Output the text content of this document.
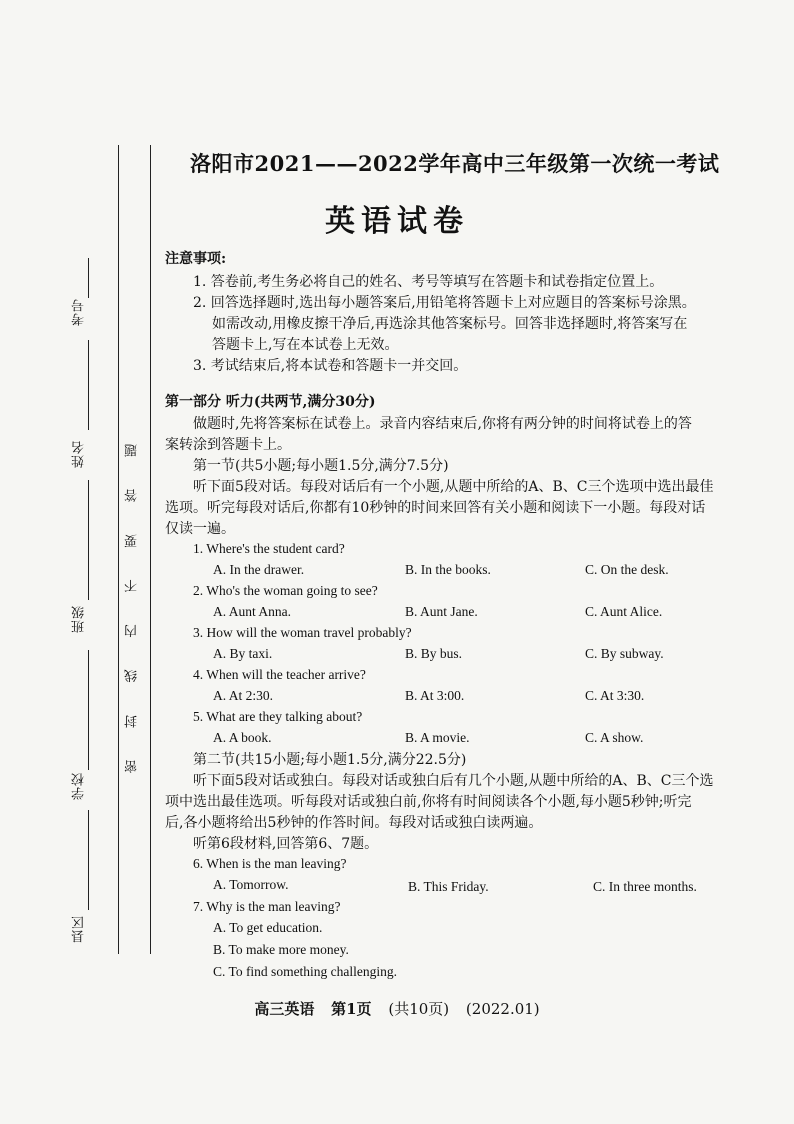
考号
姓名
班级
学校
县区
密 封 线 内 不 要 答 题
洛阳市2021——2022学年高中三年级第一次统一考试
英语试卷
注意事项:
1. 答卷前,考生务必将自己的姓名、考号等填写在答题卡和试卷指定位置上。
2. 回答选择题时,选出每小题答案后,用铅笔将答题卡上对应题目的答案标号涂黑。
如需改动,用橡皮擦干净后,再选涂其他答案标号。回答非选择题时,将答案写在
答题卡上,写在本试卷上无效。
3. 考试结束后,将本试卷和答题卡一并交回。
第一部分 听力(共两节,满分30分)
做题时,先将答案标在试卷上。录音内容结束后,你将有两分钟的时间将试卷上的答
案转涂到答题卡上。
第一节(共5小题;每小题1.5分,满分7.5分)
听下面5段对话。每段对话后有一个小题,从题中所给的A、B、C三个选项中选出最佳
选项。听完每段对话后,你都有10秒钟的时间来回答有关小题和阅读下一小题。每段对话
仅读一遍。
1. Where's the student card?
A. In the drawer.	B. In the books.	C. On the desk.
2. Who's the woman going to see?
A. Aunt Anna.	B. Aunt Jane.	C. Aunt Alice.
3. How will the woman travel probably?
A. By taxi.	B. By bus.	C. By subway.
4. When will the teacher arrive?
A. At 2:30.	B. At 3:00.	C. At 3:30.
5. What are they talking about?
A. A book.	B. A movie.	C. A show.
第二节(共15小题;每小题1.5分,满分22.5分)
听下面5段对话或独白。每段对话或独白后有几个小题,从题中所给的A、B、C三个选
项中选出最佳选项。听每段对话或独白前,你将有时间阅读各个小题,每小题5秒钟;听完
后,各小题将给出5秒钟的作答时间。每段对话或独白读两遍。
听第6段材料,回答第6、7题。
6. When is the man leaving?
A. Tomorrow.	B. This Friday.	C. In three months.
7. Why is the man leaving?
A. To get education.
B. To make more money.
C. To find something challenging.
高三英语 第1页 (共10页) (2022.01)
